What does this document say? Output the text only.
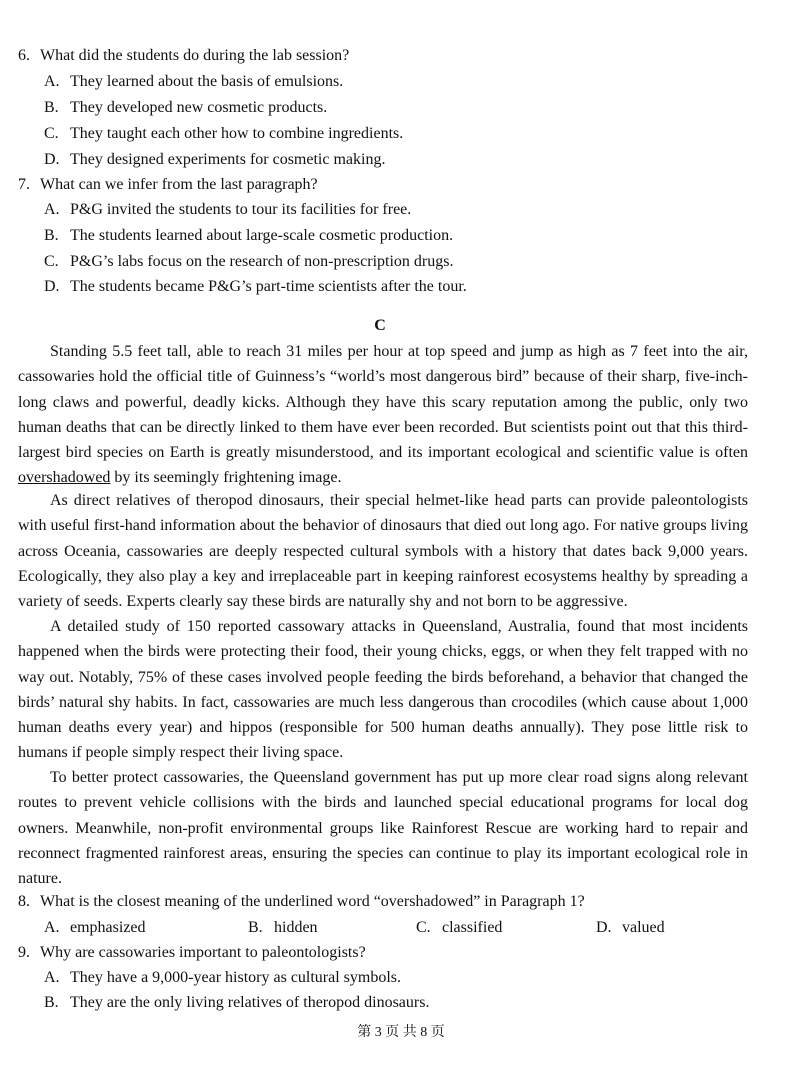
6. What did the students do during the lab session?
A. They learned about the basis of emulsions.
B. They developed new cosmetic products.
C. They taught each other how to combine ingredients.
D. They designed experiments for cosmetic making.
7. What can we infer from the last paragraph?
A. P&G invited the students to tour its facilities for free.
B. The students learned about large-scale cosmetic production.
C. P&G’s labs focus on the research of non-prescription drugs.
D. The students became P&G’s part-time scientists after the tour.
C
Standing 5.5 feet tall, able to reach 31 miles per hour at top speed and jump as high as 7 feet into the air, cassowaries hold the official title of Guinness’s “world’s most dangerous bird” because of their sharp, five-inch-long claws and powerful, deadly kicks. Although they have this scary reputation among the public, only two human deaths that can be directly linked to them have ever been recorded. But scientists point out that this third-largest bird species on Earth is greatly misunderstood, and its important ecological and scientific value is often overshadowed by its seemingly frightening image.
As direct relatives of theropod dinosaurs, their special helmet-like head parts can provide paleontologists with useful first-hand information about the behavior of dinosaurs that died out long ago. For native groups living across Oceania, cassowaries are deeply respected cultural symbols with a history that dates back 9,000 years. Ecologically, they also play a key and irreplaceable part in keeping rainforest ecosystems healthy by spreading a variety of seeds. Experts clearly say these birds are naturally shy and not born to be aggressive.
A detailed study of 150 reported cassowary attacks in Queensland, Australia, found that most incidents happened when the birds were protecting their food, their young chicks, eggs, or when they felt trapped with no way out. Notably, 75% of these cases involved people feeding the birds beforehand, a behavior that changed the birds’ natural shy habits. In fact, cassowaries are much less dangerous than crocodiles (which cause about 1,000 human deaths every year) and hippos (responsible for 500 human deaths annually). They pose little risk to humans if people simply respect their living space.
To better protect cassowaries, the Queensland government has put up more clear road signs along relevant routes to prevent vehicle collisions with the birds and launched special educational programs for local dog owners. Meanwhile, non-profit environmental groups like Rainforest Rescue are working hard to repair and reconnect fragmented rainforest areas, ensuring the species can continue to play its important ecological role in nature.
8. What is the closest meaning of the underlined word “overshadowed” in Paragraph 1?
A. emphasized	B. hidden	C. classified	D. valued
9. Why are cassowaries important to paleontologists?
A. They have a 9,000-year history as cultural symbols.
B. They are the only living relatives of theropod dinosaurs.
第 3 页 共 8 页
